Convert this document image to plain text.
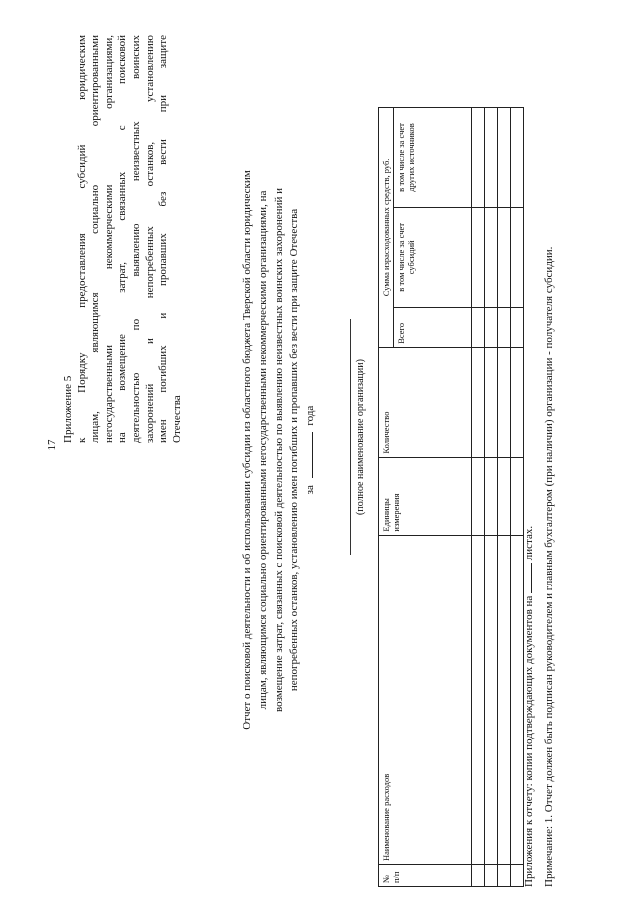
17
Приложение 5 к Порядку предоставления субсидий юридическим лицам, являющимся социально ориентированными негосударственными некоммерческими организациями, на возмещение затрат, связанных с поисковой деятельностью по выявлению неизвестных воинских захоронений и непогребенных останков, установлению имен погибших и пропавших без вести при защите Отечества	Отчет о поисковой деятельности и об использовании субсидии из областного бюджета Тверской области юридическим лицам, являющимся социально ориентированными негосударственными некоммерческими организациями, на возмещение затрат, связанных с поисковой деятельностью по выявлению неизвестных воинских захоронений и непогребенных останков, установлению имен погибших и пропавших без вести при защите Отечества за  года	(полное наименование организации)
№ п/п	Наименование расходов	Единицы измерения	Количество	Сумма израсходованных средств, руб.		
				Всего	в том числе за счет субсидий	в том числе за счет других источников

Приложения к отчету: копии подтверждающих документов на  листах. Примечание: 1. Отчет должен быть подписан руководителем и главным бухгалтером (при наличии) организации - получателя субсидии.
